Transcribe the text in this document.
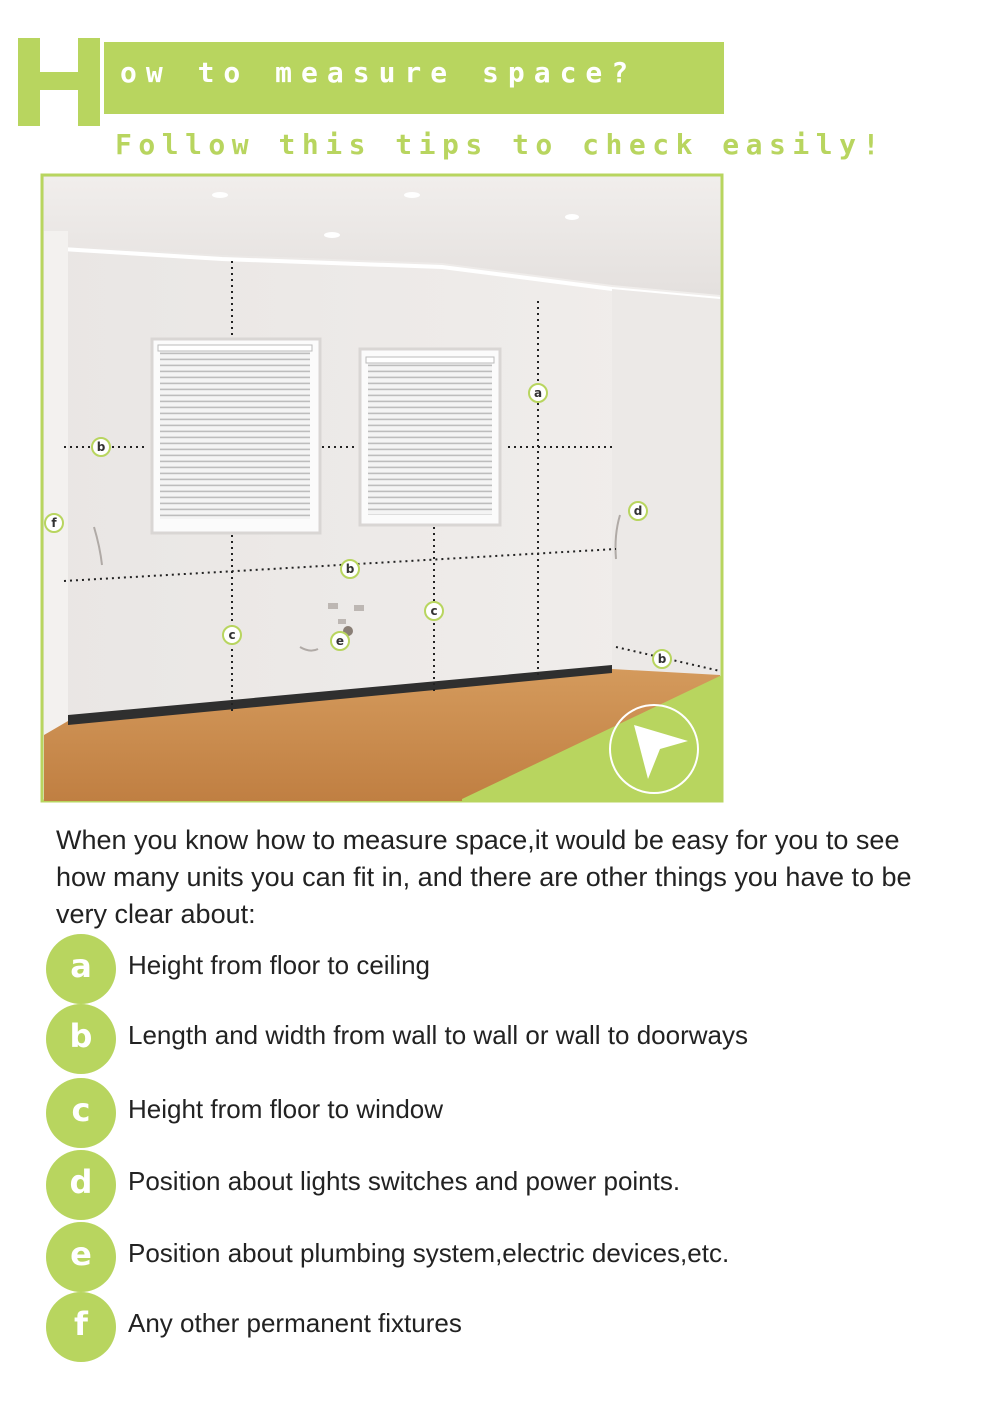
H ow to measure space?
Follow this tips to check easily!
a
b
b
b
d
c
c
e
f
b
When you know how to measure space,it would be easy for you to see how many units you can fit in, and there are other things you have to be very clear about:
a	Height from floor to ceiling
b	Length and width from wall to wall or wall to doorways
c	Height from floor to window
d	Position about lights switches and power points.
e	Position about plumbing system,electric devices,etc.
f	Any other permanent fixtures
